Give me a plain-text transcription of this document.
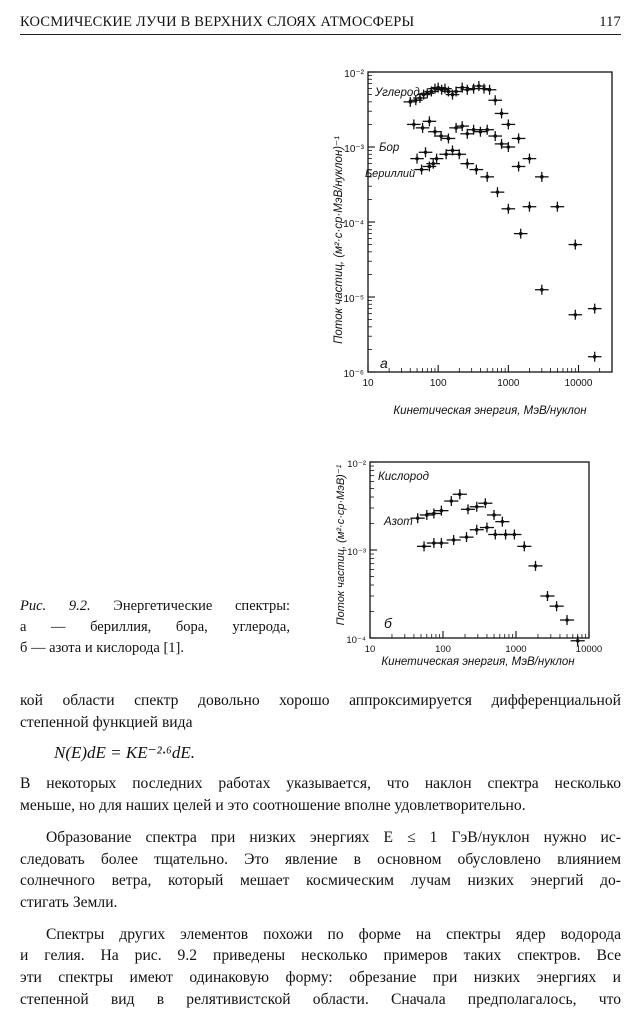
КОСМИЧЕСКИЕ ЛУЧИ В ВЕРХНИХ СЛОЯХ АТМОСФЕРЫ	117
10	100	1000	10000
10⁻²
10⁻³
10⁻⁴
10⁻⁵
10⁻⁶
Поток частиц, (м²·с·ср·МэВ/нуклон)⁻¹
Кинетическая энергия, МэВ/нуклон
Углерод
Бор
Бериллий
а
10	100	1000	10000
10⁻²
10⁻³
10⁻⁴
Поток частиц, (м²·с·ср·МэВ)⁻¹
Кинетическая энергия, МэВ/нуклон
Кислород
Азот
б
Рис. 9.2. Энергетические спектры:
а — бериллия, бора, углерода,
б — азота и кислорода [1].
кой области спектр довольно хорошо аппроксимируется дифференциальной
степенной функцией вида
N(E)dE = KE⁻²·⁶dE.
В некоторых последних работах указывается, что наклон спектра несколько
меньше, но для наших целей и это соотношение вполне удовлетворительно.
Образование спектра при низких энергиях E ≤ 1 ГэВ/нуклон нужно ис-
следовать более тщательно. Это явление в основном обусловлено влиянием
солнечного ветра, который мешает космическим лучам низких энергий до-
стигать Земли.
Спектры других элементов похожи по форме на спектры ядер водорода
и гелия. На рис. 9.2 приведены несколько примеров таких спектров. Все
эти спектры имеют одинаковую форму: обрезание при низких энергиях и
степенной вид в релятивистской области. Сначала предполагалось, что
